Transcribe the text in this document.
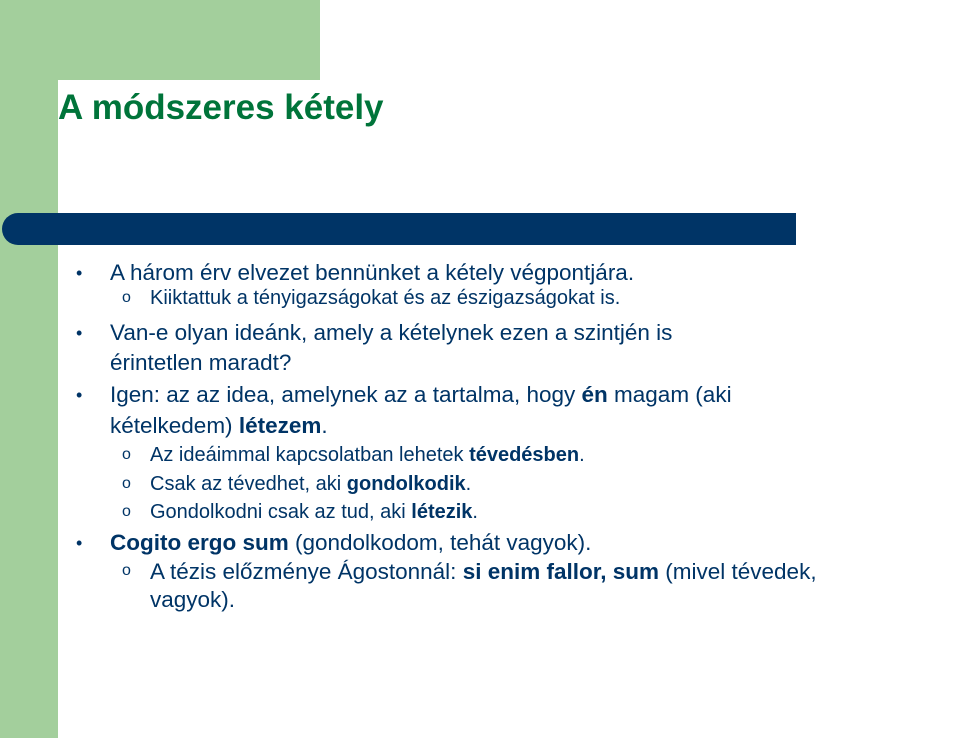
A módszeres kétely
• A három érv elvezet bennünket a kétely végpontjára.

o Kiiktattuk a tényigazságokat és az észigazságokat is.

• Van-e olyan ideánk, amely a kételynek ezen a szintjén is

érintetlen maradt?

• Igen: az az idea, amelynek az a tartalma, hogy én magam (aki

kételkedem) létezem.

o Az ideáimmal kapcsolatban lehetek tévedésben.

o Csak az tévedhet, aki gondolkodik.

o Gondolkodni csak az tud, aki létezik.

• Cogito ergo sum (gondolkodom, tehát vagyok).

o A tézis előzménye Ágostonnál: si enim fallor, sum (mivel tévedek,

vagyok).
